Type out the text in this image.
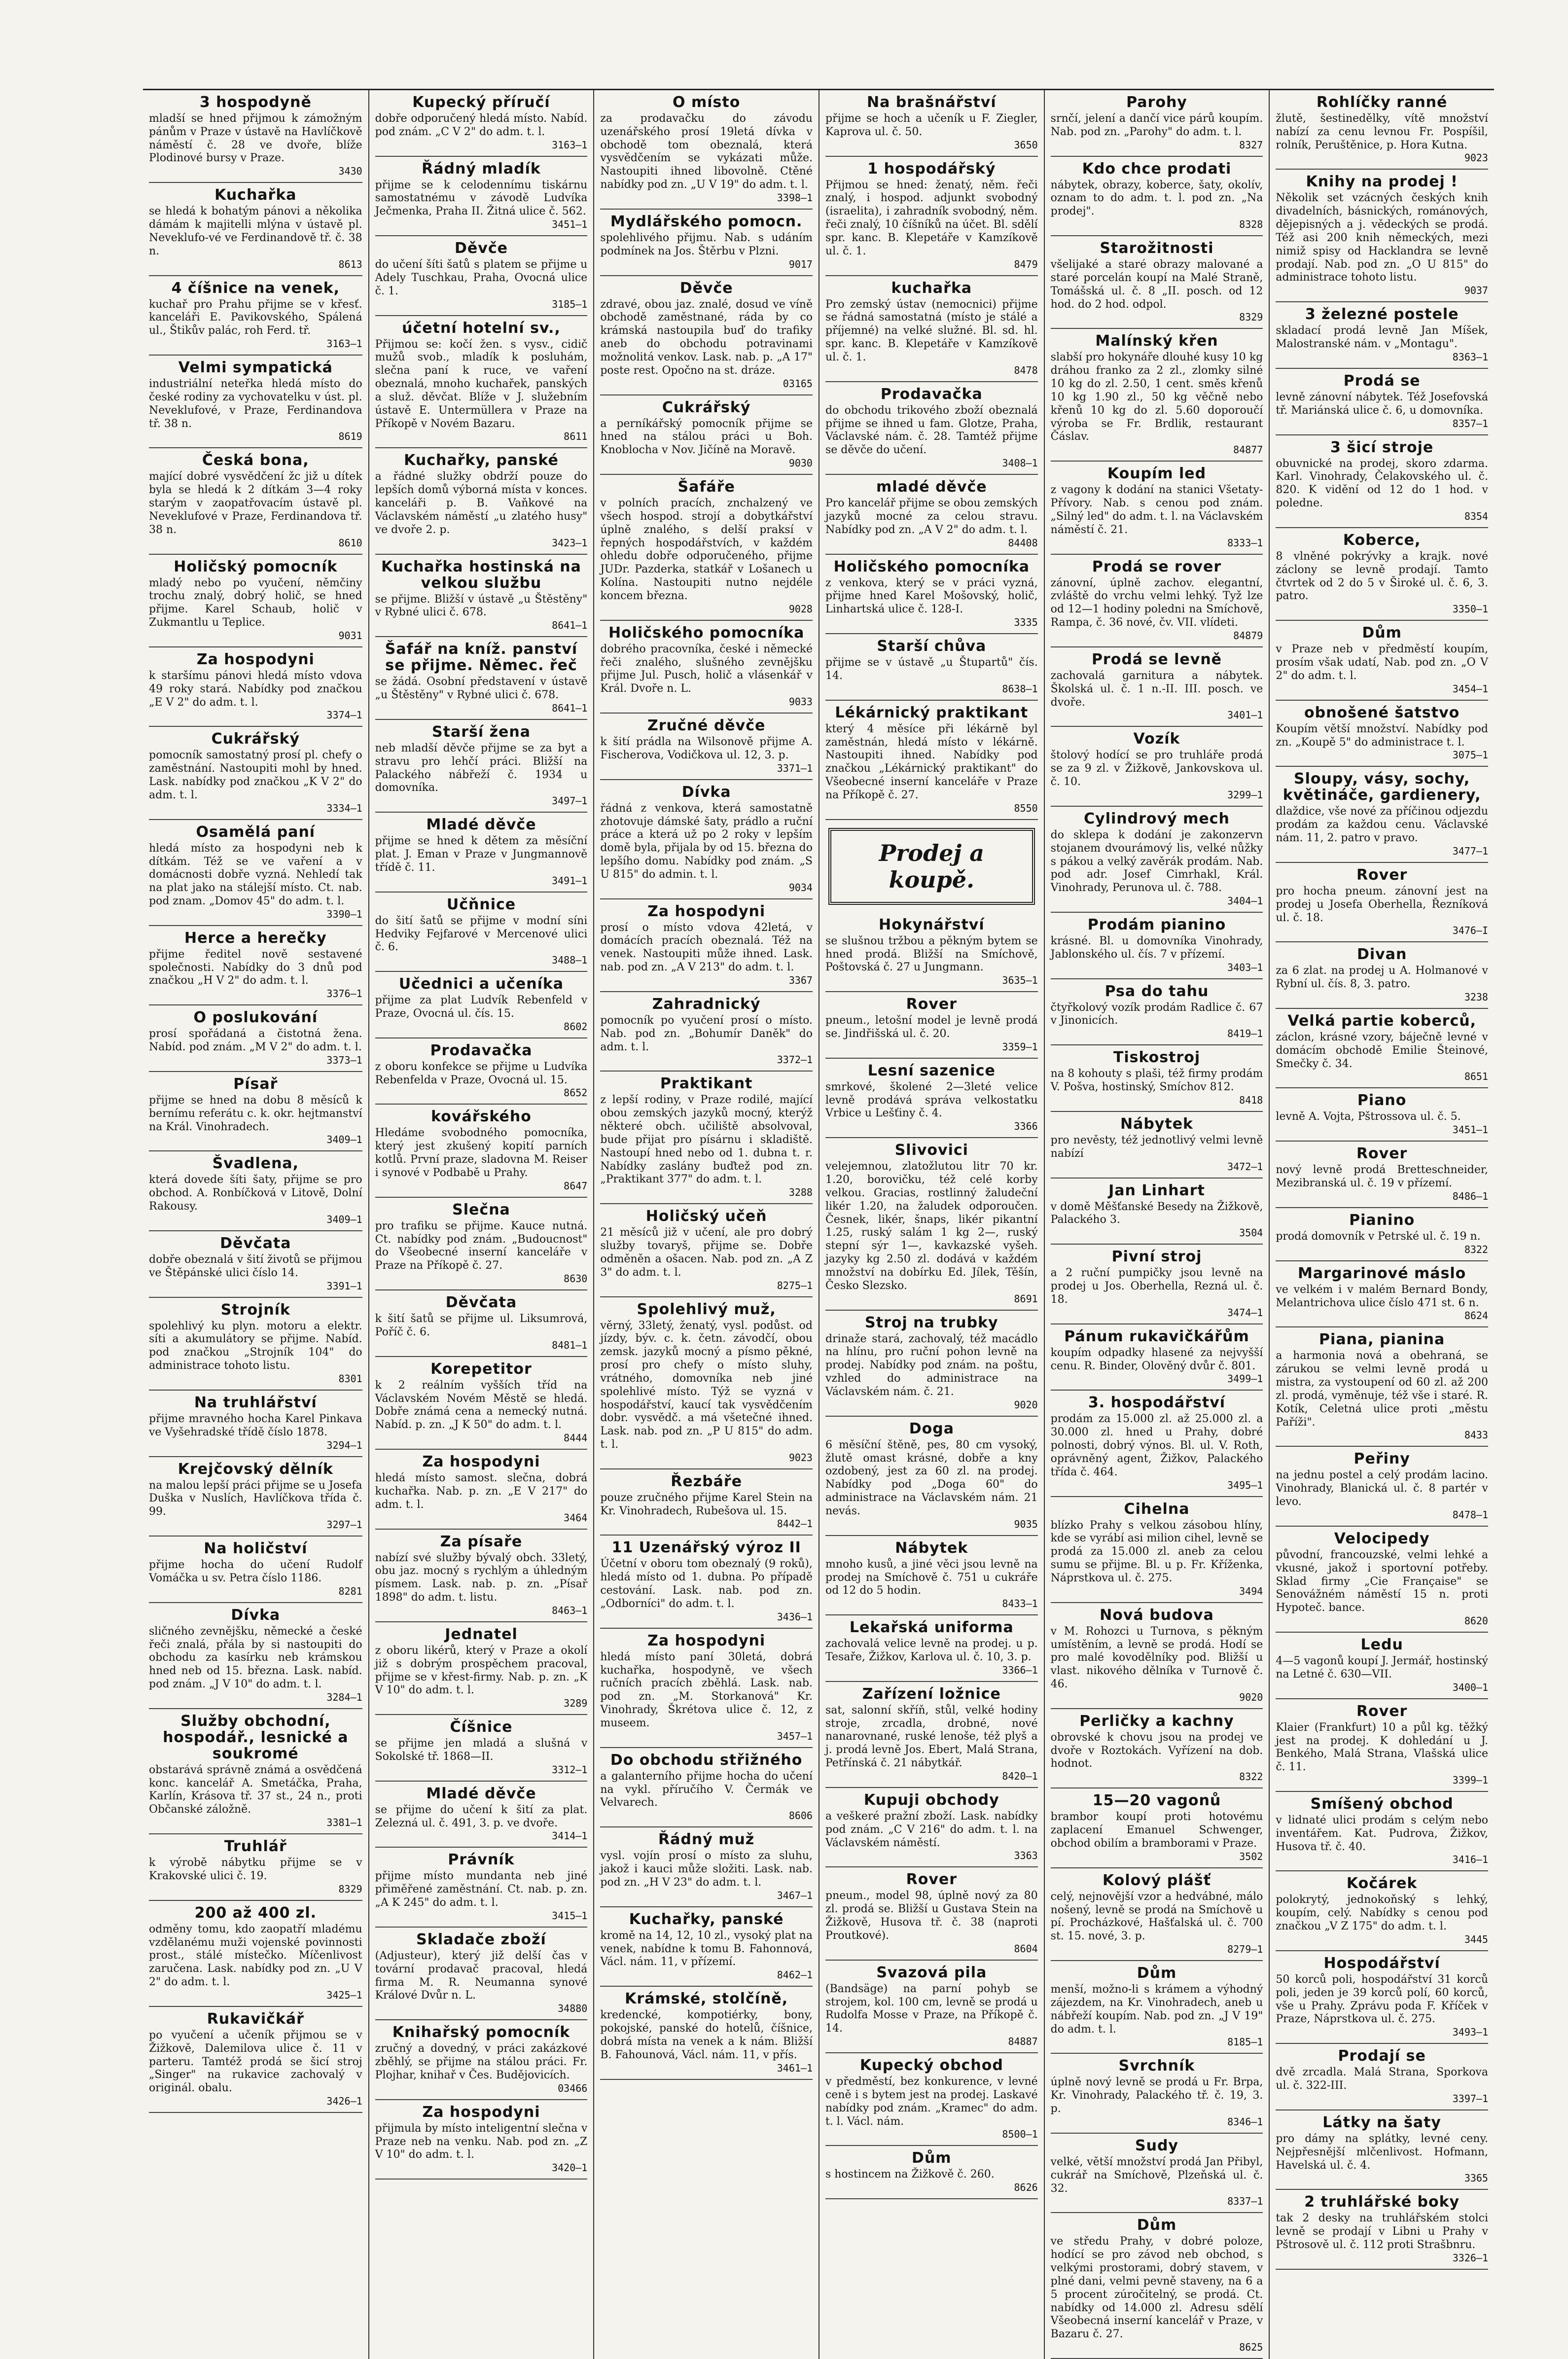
3 hospodyně

mladší se hned přijmou k zámožným pánům v Praze v ústavě na Havlíčkově náměstí č. 28 ve dvoře, blíže Plodinové bursy v Praze.

3430
Kuchařka

se hledá k bohatým pánovi a několika dámám k majitelli mlýna v ústavě pl. Neveklufo-vé ve Ferdinandově tř. č. 38 n.

8613
4 číšnice na venek,

kuchař pro Prahu přijme se v křesť. kanceláři E. Pavikovského, Spálená ul., Štikův palác, roh Ferd. tř.

3163—1
Velmi sympatická

industriální neteřka hledá místo do české rodiny za vychovatelku v úst. pl. Neveklufové, v Praze, Ferdinandova tř. 38 n.

8619
Česká bona,

mající dobré vysvědčení žc již u dítek byla se hledá k 2 dítkám 3—4 roky starým v zaopatřovacím ústavě pl. Neveklufové v Praze, Ferdinandova tř. 38 n.

8610
Holičský pomocník

mladý nebo po vyučení, němčiny trochu znalý, dobrý holič, se hned přijme. Karel Schaub, holič v Zukmantlu u Teplice.

9031
Za hospodyni

k staršímu pánovi hledá místo vdova 49 roky stará. Nabídky pod značkou „E V 2" do adm. t. l.

3374—1
Cukrářský

pomocník samostatný prosí pl. chefy o zaměstnání. Nastoupiti mohl by hned. Lask. nabídky pod značkou „K V 2" do adm. t. l.

3334—1
Osamělá paní

hledá místo za hospodyni neb k dítkám. Též se ve vaření a v domácnosti dobře vyzná. Nehledí tak na plat jako na stálejší místo. Ct. nab. pod znam. „Domov 45" do adm. t. l.

3390—1
Herce a herečky

přijme ředitel nově sestavené společnosti. Nabídky do 3 dnů pod značkou „H V 2" do adm. t. l.

3376—1
O poslukování

prosí spořádaná a čistotná žena. Nabíd. pod znám. „M V 2" do adm. t. l.

3373—1
Písař

přijme se hned na dobu 8 měsíců k bernímu referátu c. k. okr. hejtmanství na Král. Vinohradech.

3409—1
Švadlena,

která dovede šíti šaty, přijme se pro obchod. A. Ronbíčková v Litově, Dolní Rakousy.

3409—1
Děvčata

dobře obeznalá v šití životů se přijmou ve Štěpánské ulici číslo 14.

3391—1
Strojník

spolehlivý ku plyn. motoru a elektr. síti a akumulátory se přijme. Nabíd. pod značkou „Strojník 104" do administrace tohoto listu.

8301
Na truhlářství

přijme mravného hocha Karel Pinkava ve Vyšehradské třídě číslo 1878.

3294—1
Krejčovský dělník

na malou lepší práci přijme se u Josefa Duška v Nuslích, Havlíčkova třída č. 99.

3297—1
Na holičství

přijme hocha do učení Rudolf Vomáčka u sv. Petra číslo 1186.

8281
Dívka

sličného zevnějšku, německé a české řeči znalá, přála by si nastoupiti do obchodu za kasírku neb krámskou hned neb od 15. března. Lask. nabíd. pod znám. „J V 10" do adm. t. l.

3284—1
Služby obchodní, hospodář., lesnické a soukromé

obstarává správně známá a osvědčená konc. kancelář A. Smetáčka, Praha, Karlín, Krásova tř. 37 st., 24 n., proti Občanské záložně.

3381—1
Truhlář

k výrobě nábytku přijme se v Krakovské ulici č. 19.

8329
200 až 400 zl.

odměny tomu, kdo zaopatří mladému vzdělanému muži vojenské povinnosti prost., stálé místečko. Míčenlivost zaručena. Lask. nabídky pod zn. „U V 2" do adm. t. l.

3425—1
Rukavičkář

po vyučení a učeník přijmou se v Žižkově, Dalemilova ulice č. 11 v parteru. Tamtéž prodá se šicí stroj „Singer" na rukavice zachovalý v originál. obalu.

3426—1
Kupecký příručí

dobře odporučený hledá místo. Nabíd. pod znám. „C V 2" do adm. t. l.

3163—1
Řádný mladík

přijme se k celodennímu tiskárnu samostatnému v závodě Ludvíka Ječmenka, Praha II. Žitná ulice č. 562.

3451—1
Děvče

do učení šíti šatů s platem se přijme u Adely Tuschkau, Praha, Ovocná ulice č. 1.

3185—1
účetní hotelní sv.,

Přijmou se: kočí žen. s vysv., cidič mužů svob., mladík k posluhám, slečna paní k ruce, ve vaření obeznalá, mnoho kuchařek, panských a služ. děvčat. Blíže v J. služebním ústavě E. Untermüllera v Praze na Příkopě v Novém Bazaru.

8611
Kuchařky, panské

a řádné služky obdrží pouze do lepších domů výborná místa v konces. kanceláři p. B. Vaňkové na Václavském náměstí „u zlatého husy" ve dvoře 2. p.

3423—1
Kuchařka hostinská na velkou službu

se přijme. Bližší v ústavě „u Štěstěny" v Rybné ulici č. 678.

8641—1
Šafář na kníž. panství se přijme. Němec. řeč

se žádá. Osobní představení v ústavě „u Štěstěny" v Rybné ulici č. 678.

8641—1
Starší žena

neb mladší děvče přijme se za byt a stravu pro lehčí práci. Bližší na Palackého nábřeží č. 1934 u domovníka.

3497—1
Mladé děvče

přijme se hned k dětem za měsíční plat. J. Eman v Praze v Jungmannově třídě č. 11.

3491—1
Učňnice

do šití šatů se přijme v modní síni Hedviky Fejfarové v Mercenové ulici č. 6.

3488—1
Učednici a učeníka

přijme za plat Ludvík Rebenfeld v Praze, Ovocná ul. čís. 15.

8602
Prodavačka

z oboru konfekce se přijme u Ludvíka Rebenfelda v Praze, Ovocná ul. 15.

8652
kovářského

Hledáme svobodného pomocníka, který jest zkušený kopití parních kotlů. První praze, sladovna M. Reiser i synové v Podbabě u Prahy.

8647
Slečna

pro trafiku se přijme. Kauce nutná. Ct. nabídky pod znám. „Budoucnost" do Všeobecné inserní kanceláře v Praze na Příkopě č. 27.

8630
Děvčata

k šití šatů se přijme ul. Liksumrová, Poříč č. 6.

8481—1
Korepetitor

k 2 reálním vyšších tříd na Václavském Novém Městě se hledá. Dobře známá cena a nemecký nutná. Nabíd. p. zn. „J K 50" do adm. t. l.

8444
Za hospodyni

hledá místo samost. slečna, dobrá kuchařka. Nab. p. zn. „E V 217" do adm. t. l.

3464
Za písaře

nabízí své služby bývalý obch. 33letý, obu jaz. mocný s rychlým a úhledným písmem. Lask. nab. p. zn. „Písař 1898" do adm. t. listu.

8463—1
Jednatel

z oboru likérů, který v Praze a okolí již s dobrým prospěchem pracoval, přijme se v křest-firmy. Nab. p. zn. „K V 10" do adm. t. l.

3289
Číšnice

se přijme jen mladá a slušná v Sokolské tř. 1868—II.

3312—1
Mladé děvče

se přijme do učení k šití za plat. Zelezná ul. č. 491, 3. p. ve dvoře.

3414—1
Právník

přijme místo mundanta neb jiné přiměřené zaměstnání. Ct. nab. p. zn. „A K 245" do adm. t. l.

3415—1
Skladače zboží

(Adjusteur), který již delší čas v tovární prodavač pracoval, hledá firma M. R. Neumanna synové Králové Dvůr n. L.

34880
Knihařský pomocník

zručný a dovedný, v práci zakázkové zběhlý, se přijme na stálou práci. Fr. Plojhar, knihař v Čes. Budějovicích.

03466
Za hospodyni

přijmula by místo inteligentní slečna v Praze neb na venku. Nab. pod zn. „Z V 10" do adm. t. l.

3420—1
O místo

za prodavačku do závodu uzenářského prosí 19letá dívka v obchodě tom obeznalá, která vysvědčením se vykázati může. Nastoupiti ihned libovolně. Ctěné nabídky pod zn. „U V 19" do adm. t. l.

3398—1
Mydlářského pomocn.

spolehlivého přijmu. Nab. s udáním podmínek na Jos. Štěrbu v Plzni.

9017
Děvče

zdravé, obou jaz. znalé, dosud ve víně obchodě zaměstnané, ráda by co krámská nastoupila buď do trafiky aneb do obchodu potravinami možnolitá venkov. Lask. nab. p. „A 17" poste rest. Opočno na st. dráze.

03165
Cukrářský

a perníkářský pomocník přijme se hned na stálou práci u Boh. Knoblocha v Nov. Jičíně na Moravě.

9030
Šafáře

v polních pracích, znchalzený ve všech hospod. strojí a dobytkářství úplně znalého, s delší praksí v řepných hospodářstvích, v každém ohledu dobře odporučeného, přijme JUDr. Pazderka, statkář v Lošanech u Kolína. Nastoupiti nutno nejdéle koncem března.

9028
Holičského pomocníka

dobrého pracovníka, české i německé řeči znalého, slušného zevnějšku přijme Jul. Pusch, holič a vlásenkář v Král. Dvoře n. L.

9033
Zručné děvče

k šití prádla na Wilsonově přijme A. Fischerova, Vodičkova ul. 12, 3. p.

3371—1
Dívka

řádná z venkova, která samostatně zhotovuje dámské šaty, prádlo a ruční práce a která už po 2 roky v lepším domě byla, přijala by od 15. března do lepšího domu. Nabídky pod znám. „S U 815" do admin. t. l.

9034
Za hospodyni

prosí o místo vdova 42letá, v domácích pracích obeznalá. Též na venek. Nastoupiti může ihned. Lask. nab. pod zn. „A V 213" do adm. t. l.

3367
Zahradnický

pomocník po vyučení prosí o místo. Nab. pod zn. „Bohumír Daněk" do adm. t. l.

3372—1
Praktikant

z lepší rodiny, v Praze rodilé, mající obou zemských jazyků mocný, kterýž některé obch. učiliště absolvoval, bude přijat pro písárnu i skladiště. Nastoupí hned nebo od 1. dubna t. r. Nabídky zaslány buďtež pod zn. „Praktikant 377" do adm. t. l.

3288
Holičský učeň

21 měsíců již v učení, ale pro dobrý služby tovaryš, přijme se. Dobře odměněn a ošacen. Nab. pod zn. „A Z 3" do adm. t. l.

8275—1
Spolehlivý muž,

věrný, 33letý, ženatý, vysl. podůst. od jízdy, býv. c. k. četn. závodčí, obou zemsk. jazyků mocný a písmo pěkné, prosí pro chefy o místo sluhy, vrátného, domovníka neb jiné spolehlivé místo. Týž se vyzná v hospodářství, kaucí tak vysvědčením dobr. vysvědč. a má všetečné ihned. Lask. nab. pod zn. „P U 815" do adm. t. l.

9023
Řezbáře

pouze zručného přijme Karel Stein na Kr. Vinohradech, Rubešova ul. 15.

8442—1
11 Uzenářský výroz II

Účetní v oboru tom obeznalý (9 roků), hledá místo od 1. dubna. Po případě cestování. Lask. nab. pod zn. „Odborníci" do adm. t. l.

3436—1
Za hospodyni

hledá místo paní 30letá, dobrá kuchařka, hospodyně, ve všech ručních pracích zběhlá. Lask. nab. pod zn. „M. Storkanová" Kr. Vinohrady, Škrétova ulice č. 12, z museem.

3457—1
Do obchodu střižného

a galanterního přijme hocha do učení na vykl. příručího V. Čermák ve Velvarech.

8606
Řádný muž

vysl. vojín prosí o místo za sluhu, jakož i kauci může složiti. Lask. nab. pod zn. „H V 23" do adm. t. l.

3467—1
Kuchařky, panské

kromě na 14, 12, 10 zl., vysoký plat na venek, nabídne k tomu B. Fahonnová, Václ. nám. 11, v přízemí.

8462—1
Krámské, stolčíně,

kredencké, kompotiérky, bony, pokojské, panské do hotelů, číšnice, dobrá místa na venek a k nám. Bližší B. Fahounová, Václ. nám. 11, v přís.

3461—1
Na brašnářství

přijme se hoch a učeník u F. Ziegler, Kaprova ul. č. 50.

3650
1 hospodářský

Přijmou se hned: ženatý, něm. řeči znalý, i hospod. adjunkt svobodný (israelita), i zahradník svobodný, něm. řeči znalý, 10 číšníků na účet. Bl. sdělí spr. kanc. B. Klepetáře v Kamzíkově ul. č. 1.

8479
kuchařka

Pro zemský ústav (nemocnici) přijme se řádná samostatná (místo je stálé a příjemné) na velké služné. Bl. sd. hl. spr. kanc. B. Klepetáře v Kamzíkově ul. č. 1.

8478
Prodavačka

do obchodu trikového zboží obeznalá přijme se ihned u fam. Glotze, Praha, Václavské nám. č. 28. Tamtéž přijme se děvče do učení.

3408—1
mladé děvče

Pro kancelář přijme se obou zemských jazyků mocné za celou stravu. Nabídky pod zn. „A V 2" do adm. t. l.

84408
Holičského pomocníka

z venkova, který se v práci vyzná, přijme hned Karel Mošovský, holič, Linhartská ulice č. 128-I.

3335
Starší chůva

přijme se v ústavě „u Štupartů" čís. 14.

8638—1
Lékárnický praktikant

který 4 měsíce při lékárně byl zaměstnán, hledá místo v lékárně. Nastoupiti ihned. Nabídky pod značkou „Lékárnický praktikant" do Všeobecné inserní kanceláře v Praze na Příkopě č. 27.

8550
Prodej a koupě.
Hokynářství

se slušnou tržbou a pěkným bytem se hned prodá. Bližší na Smíchově, Poštovská č. 27 u Jungmann.

3635—1
Rover

pneum., letošní model je levně prodá se. Jindřišská ul. č. 20.

3359—1
Lesní sazenice

smrkové, školené 2—3leté velice levně prodává správa velkostatku Vrbice u Lešťiny č. 4.

3366
Slivovici

velejemnou, zlatožlutou litr 70 kr. 1.20, borovičku, též celé korby velkou. Gracias, rostlinný žaludeční likér 1.20, na žaludek odporoučen. Česnek, likér, šnaps, likér pikantní 1.25, ruský salám 1 kg 2—, ruský stepní sýr 1—, kavkazské vyšeh. jazyky kg 2.50 zl. dodává v každém množství na dobírku Ed. Jílek, Těšín, Česko Slezsko.

8691
Stroj na trubky

drinaže stará, zachovalý, též macádlo na hlínu, pro ruční pohon levně na prodej. Nabídky pod znám. na poštu, vzhled do administrace na Václavském nám. č. 21.

9020
Doga

6 měsíční štěně, pes, 80 cm vysoký, žlutě omast krásné, dobře a kny ozdobený, jest za 60 zl. na prodej. Nabídky pod „Doga 60" do administrace na Václavském nám. 21 nevás.

9035
Nábytek

mnoho kusů, a jiné věci jsou levně na prodej na Smíchově č. 751 u cukráře od 12 do 5 hodin.

8433—1
Lekařská uniforma

zachovalá velice levně na prodej. u p. Tesaře, Žižkov, Karlova ul. č. 10, 3. p.

3366—1
Zařízení ložnice

sat, salonní skříň, stůl, velké hodiny stroje, zrcadla, drobné, nové nanarovnané, ruské lenoše, též plyš a j. prodá levně Jos. Ebert, Malá Strana, Petřínská č. 21 nábytkář.

8420—1
Kupuji obchody

a veškeré pražní zboží. Lask. nabídky pod znám. „C V 216" do adm. t. l. na Václavském náměstí.

3363
Rover

pneum., model 98, úplně nový za 80 zl. prodá se. Bližší u Gustava Stein na Žižkově, Husova tř. č. 38 (naproti Proutkové).

8604
Svazová pila

(Bandsäge) na parní pohyb se strojem, kol. 100 cm, levně se prodá u Rudolfa Mosse v Praze, na Příkopě č. 14.

84887
Kupecký obchod

v předměstí, bez konkurence, v levné ceně i s bytem jest na prodej. Laskavé nabídky pod znám. „Kramec" do adm. t. l. Václ. nám.

8500—1
Dům

s hostincem na Žižkově č. 260.

8626
Parohy

srnčí, jelení a dančí vice párů koupím. Nab. pod zn. „Parohy" do adm. t. l.

8327
Kdo chce prodati

nábytek, obrazy, koberce, šaty, okolív, oznam to do adm. t. l. pod zn. „Na prodej".

8328
Starožitnosti

všelijaké a staré obrazy malované a staré porcelán koupí na Malé Straně, Tomášská ul. č. 8 „II. posch. od 12 hod. do 2 hod. odpol.

8329
Malínský křen

slabší pro hokynáře dlouhé kusy 10 kg dráhou franko za 2 zl., zlomky silné 10 kg do zl. 2.50, 1 cent. směs křenů 10 kg 1.90 zl., 50 kg věčně nebo křenů 10 kg do zl. 5.60 doporoučí výroba se Fr. Brdlik, restaurant Čáslav.

84877
Koupím led

z vagony k dodání na stanici Všetaty-Přívory. Nab. s cenou pod znám. „Silný led" do adm. t. l. na Václavském náměstí č. 21.

8333—1
Prodá se rover

zánovní, úplně zachov. elegantní, zvláště do vrchu velmi lehký. Tyž lze od 12—1 hodiny poledni na Smíchově, Rampa, č. 36 nové, čv. VII. vlídeti.

84879
Prodá se levně

zachovalá garnitura a nábytek. Školská ul. č. 1 n.-II. III. posch. ve dvoře.

3401—1
Vozík

štolový hodící se pro truhláře prodá se za 9 zl. v Žižkově, Jankovskova ul. č. 10.

3299—1
Cylindrový mech

do sklepa k dodání je zakonzervn stojanem dvourámový lis, velké nůžky s pákou a velký zavěrák prodám. Nab. pod adr. Josef Cimrhakl, Král. Vinohrady, Perunova ul. č. 788.

3404—1
Prodám pianino

krásné. Bl. u domovníka Vinohrady, Jablonského ul. čís. 7 v přízemí.

3403—1
Psa do tahu

čtyřkolový vozík prodám Radlice č. 67 v Jinonicích.

8419—1
Tiskostroj

na 8 kohouty s plaši, též firmy prodám V. Pošva, hostinský, Smíchov 812.

8418
Nábytek

pro nevěsty, též jednotlivý velmi levně nabízí

3472—1
Jan Linhart

v domě Měšťanské Besedy na Žižkově, Palackého 3.

3504
Pivní stroj

a 2 ruční pumpičky jsou levně na prodej u Jos. Oberhella, Rezná ul. č. 18.

3474—1
Pánum rukavičkářům

koupím odpadky hlasené za nejvyšší cenu. R. Binder, Olověný dvůr č. 801.

3499—1
3. hospodářství

prodám za 15.000 zl. až 25.000 zl. a 30.000 zl. hned u Prahy, dobré polnosti, dobrý výnos. Bl. ul. V. Roth, oprávněný agent, Žižkov, Palackého třída č. 464.

3495—1
Cihelna

blízko Prahy s velkou zásobou hlíny, kde se vyrábí asi milion cihel, levně se prodá za 15.000 zl. aneb za celou sumu se přijme. Bl. u p. Fr. Kříženka, Náprstkova ul. č. 275.

3494
Nová budova

v M. Rohozci u Turnova, s pěkným umístěním, a levně se prodá. Hodí se pro malé kovodělníky pod. Bližší u vlast. nikového dělníka v Turnově č. 46.

9020
Perličky a kachny

obrovské k chovu jsou na prodej ve dvoře v Roztokách. Vyřízení na dob. hodnot.

8322
15—20 vagonů

brambor koupí proti hotovému zaplacení Emanuel Schwenger, obchod obilím a bramborami v Praze.

3502
Kolový plášť

celý, nejnovější vzor a hedvábné, málo nošený, levně se prodá na Smíchově u pí. Procházkové, Hašťalská ul. č. 700 st. 15. nové, 3. p.

8279—1
Dům

menší, možno-li s krámem a výhodný zájezdem, na Kr. Vinohradech, aneb u nábřeží koupím. Nab. pod zn. „J V 19" do adm. t. l.

8185—1
Svrchník

úplně nový levně se prodá u Fr. Brpa, Kr. Vinohrady, Palackého tř. č. 19, 3. p.

8346—1
Sudy

velké, větší množství prodá Jan Přibyl, cukrář na Smíchově, Plzeňská ul. č. 32.

8337—1
Dům

ve středu Prahy, v dobré poloze, hodící se pro závod neb obchod, s velkými prostorami, dobrý stavem, v plné dani, velmi pevně staveny, na 6 a 5 procent zúročitelný, se prodá. Ct. nabídky od 14.000 zl. Adresu sdělí Všeobecná inserní kancelář v Praze, v Bazaru č. 27.

8625
Rohlíčky ranné

žlutě, šestinedělky, vítě množství nabízí za cenu levnou Fr. Pospíšil, rolník, Peruštěnice, p. Hora Kutna.

9023
Knihy na prodej !

Několik set vzácných českých knih divadelních, básnických, románových, dějepisných a j. vědeckých se prodá. Též asi 200 knih německých, mezi nimiž spisy od Hacklandra se levně prodají. Nab. pod zn. „O U 815" do administrace tohoto listu.

9037
3 železné postele

skladací prodá levně Jan Míšek, Malostranské nám. v „Montagu".

8363—1
Prodá se

levně zánovní nábytek. Též Josefovská tř. Mariánská ulice č. 6, u domovníka.

8357—1
3 šicí stroje

obuvnické na prodej, skoro zdarma. Karl. Vinohrady, Čelakovského ul. č. 820. K vidění od 12 do 1 hod. v poledne.

8354
Koberce,

8 vlněné pokrývky a krajk. nové záclony se levně prodají. Tamto čtvrtek od 2 do 5 v Široké ul. č. 6, 3. patro.

3350—1
Dům

v Praze neb v předměstí koupím, prosím však udatí, Nab. pod zn. „O V 2" do adm. t. l.

3454—1
obnošené šatstvo

Koupím větší množství. Nabídky pod zn. „Koupě 5" do administrace t. l.

3075—1
Sloupy, vásy, sochy, květináče, gardienery,

dlaždice, vše nové za příčinou odjezdu prodám za každou cenu. Václavské nám. 11, 2. patro v pravo.

3477—1
Rover

pro hocha pneum. zánovní jest na prodej u Josefa Oberhella, Řezníková ul. č. 18.

3476—I
Divan

za 6 zlat. na prodej u A. Holmanové v Rybní ul. čís. 8, 3. patro.

3238
Velká partie koberců,

záclon, krásné vzory, báječně levné v domácím obchodě Emilie Šteinové, Smečky č. 34.

8651
Piano

levně A. Vojta, Pštrossova ul. č. 5.

3451—1
Rover

nový levně prodá Bretteschneider, Mezibranská ul. č. 19 v přízemí.

8486—1
Pianino

prodá domovník v Petrské ul. č. 19 n.

8322
Margarinové máslo

ve velkém i v malém Bernard Bondy, Melantrichova ulice číslo 471 st. 6 n.

8624
Piana, pianina

a harmonia nová a obehraná, se zárukou se velmi levně prodá u mistra, za vystoupení od 60 zl. až 200 zl. prodá, vyměnuje, též vše i staré. R. Kotík, Celetná ulice proti „městu Paříži".

8433
Peřiny

na jednu postel a celý prodám lacino. Vinohrady, Blanická ul. č. 8 partér v levo.

8478—1
Velocipedy

původní, francouzské, velmi lehké a vkusné, jakož i sportovní potřeby. Sklad firmy „Cie Française" se Senovážném náměstí 15 n. proti Hypoteč. bance.

8620
Ledu

4—5 vagonů koupí J. Jermář, hostinský na Letné č. 630—VII.

3400—1
Rover

Klaier (Frankfurt) 10 a půl kg. těžký jest na prodej. K dohledání u J. Benkého, Malá Strana, Vlašská ulice č. 11.

3399—1
Smíšený obchod

v lidnaté ulici prodám s celým nebo inventářem. Kat. Pudrova, Žižkov, Husova tř. č. 40.

3416—1
Kočárek

polokrytý, jednokoňský s lehký, koupím, celý. Nabídky s cenou pod značkou „V Z 175" do adm. t. l.

3445
Hospodářství

50 korců poli, hospodářství 31 korců poli, jeden je 39 korců polí, 60 korců, vše u Prahy. Zprávu poda F. Kříček v Praze, Náprstkova ul. č. 275.

3493—1
Prodají se

dvě zrcadla. Malá Strana, Sporkova ul. č. 322-III.

3397—1
Látky na šaty

pro dámy na splátky, levné ceny. Nejpřesnější mlčenlivost. Hofmann, Havelská ul. č. 4.

3365
2 truhlářské boky

tak 2 desky na truhlářském stolci levně se prodají v Libni u Prahy v Pštrosově ul. č. 112 proti Strašbnru.

3326—1
